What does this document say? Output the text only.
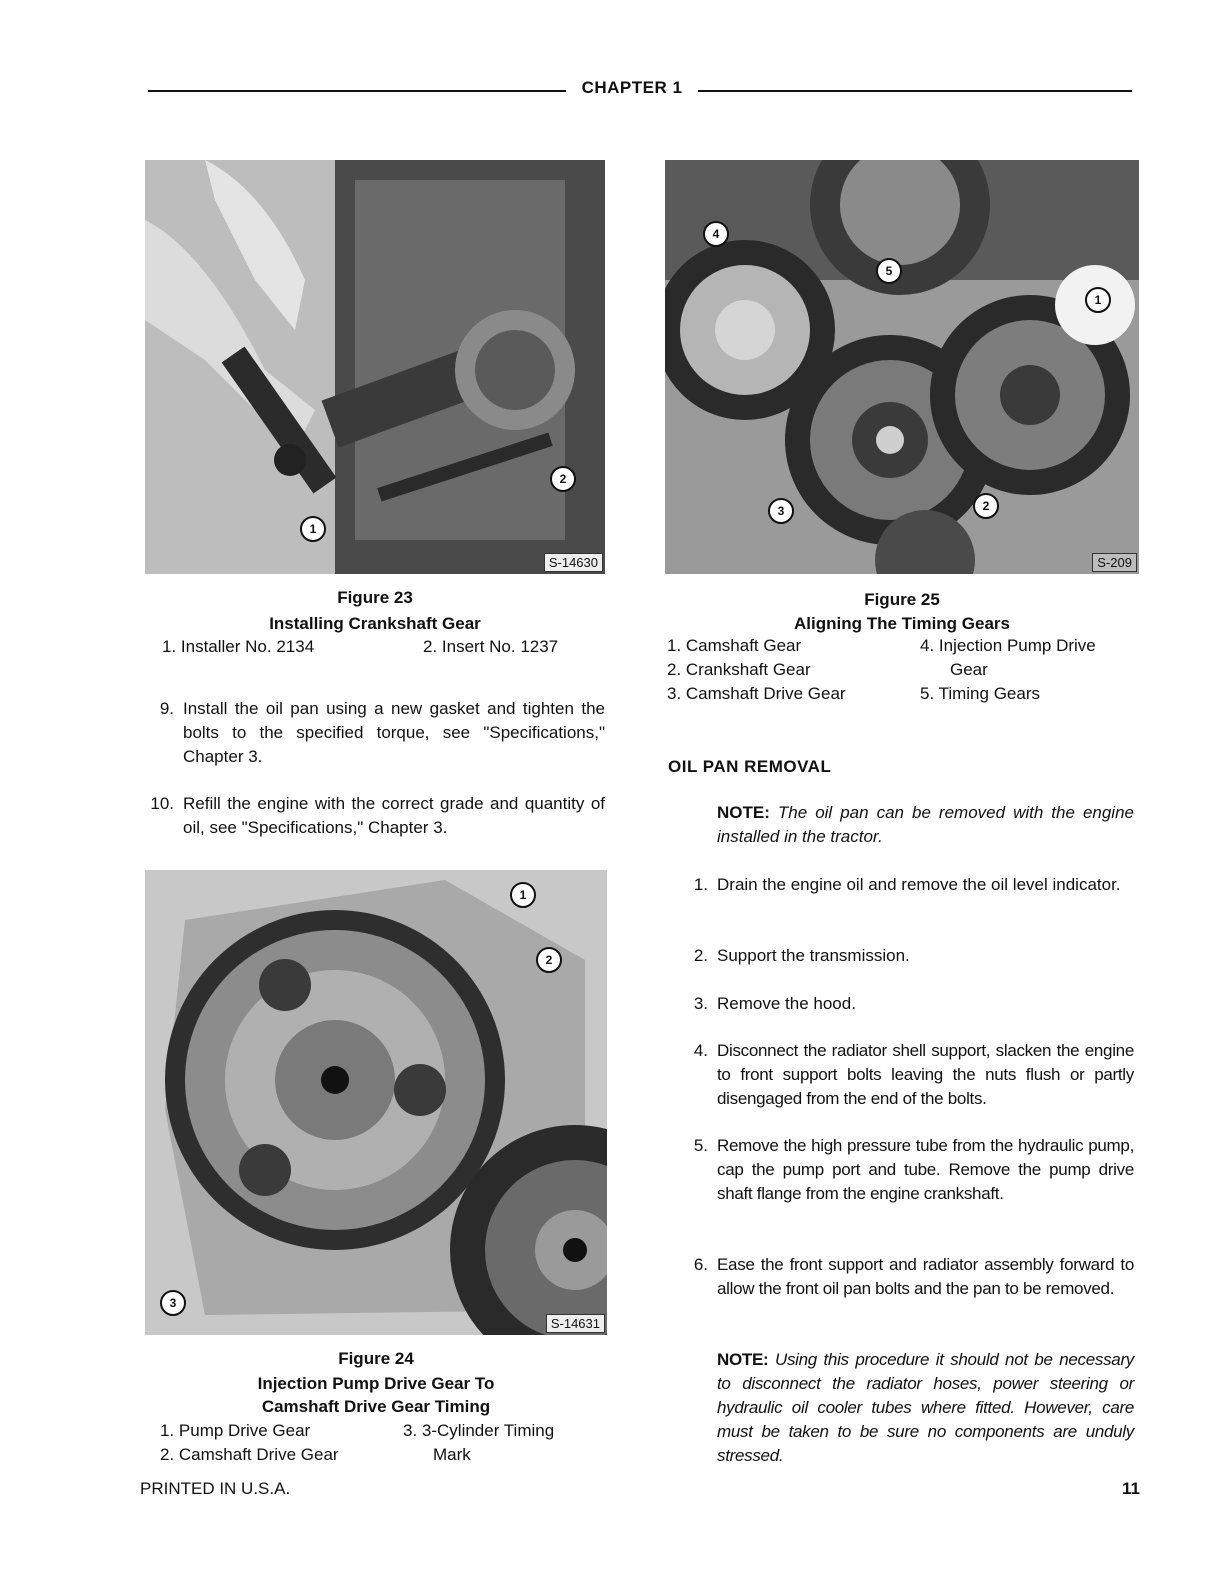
CHAPTER 1
S-14630
1
2
Figure 23
Installing Crankshaft Gear
1. Installer No. 2134	2. Insert No. 1237
9. Install the oil pan using a new gasket and tighten the bolts to the specified torque, see "Specifications," Chapter 3.
10. Refill the engine with the correct grade and quantity of oil, see "Specifications," Chapter 3.
S-14631
1
2
3
Figure 24
Injection Pump Drive Gear To
Camshaft Drive Gear Timing
1. Pump Drive Gear
2. Camshaft Drive Gear
3. 3-Cylinder Timing
Mark
S-209
1
2
3
4
5
Figure 25
Aligning The Timing Gears
1. Camshaft Gear
2. Crankshaft Gear
3. Camshaft Drive Gear
4. Injection Pump Drive
Gear
5. Timing Gears
OIL PAN REMOVAL
NOTE: The oil pan can be removed with the engine installed in the tractor.
1. Drain the engine oil and remove the oil level indicator.
2. Support the transmission.
3. Remove the hood.
4. Disconnect the radiator shell support, slacken the engine to front support bolts leaving the nuts flush or partly disengaged from the end of the bolts.
5. Remove the high pressure tube from the hydraulic pump, cap the pump port and tube. Remove the pump drive shaft flange from the engine crankshaft.
6. Ease the front support and radiator assembly forward to allow the front oil pan bolts and the pan to be removed.
NOTE: Using this procedure it should not be necessary to disconnect the radiator hoses, power steering or hydraulic oil cooler tubes where fitted. However, care must be taken to be sure no components are unduly stressed.
PRINTED IN U.S.A.	11
